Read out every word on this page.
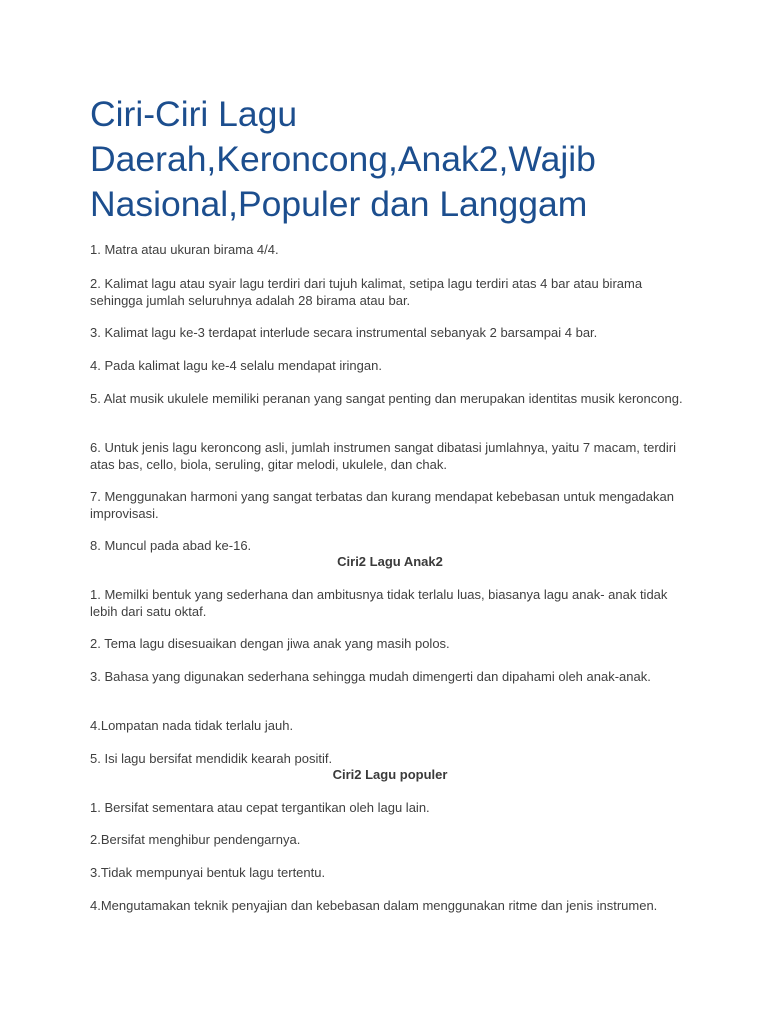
Ciri-Ciri Lagu Daerah,Keroncong,Anak2,Wajib Nasional,Populer dan Langgam

1. Matra atau ukuran birama 4/4.

2. Kalimat lagu atau syair lagu terdiri dari tujuh kalimat, setipa lagu terdiri atas 4 bar atau birama sehingga jumlah seluruhnya adalah 28 birama atau bar.

3. Kalimat lagu ke-3 terdapat interlude secara instrumental sebanyak 2 barsampai 4 bar.

4. Pada kalimat lagu ke-4 selalu mendapat iringan.

5. Alat musik ukulele memiliki peranan yang sangat penting dan merupakan identitas musik keroncong.

6. Untuk jenis lagu keroncong asli, jumlah instrumen sangat dibatasi jumlahnya, yaitu 7 macam, terdiri atas bas, cello, biola, seruling, gitar melodi, ukulele, dan chak.

7. Menggunakan harmoni yang sangat terbatas dan kurang mendapat kebebasan untuk mengadakan improvisasi.

8. Muncul pada abad ke-16.

Ciri2 Lagu Anak2

1. Memilki bentuk yang sederhana dan ambitusnya tidak terlalu luas, biasanya lagu anak- anak tidak lebih dari satu oktaf.

2. Tema lagu disesuaikan dengan jiwa anak yang masih polos.

3. Bahasa yang digunakan sederhana sehingga mudah dimengerti dan dipahami oleh anak-anak.

4.Lompatan nada tidak terlalu jauh.

5. Isi lagu bersifat mendidik kearah positif.

Ciri2 Lagu populer

1. Bersifat sementara atau cepat tergantikan oleh lagu lain.

2.Bersifat menghibur pendengarnya.

3.Tidak mempunyai bentuk lagu tertentu.

4.Mengutamakan teknik penyajian dan kebebasan dalam menggunakan ritme dan jenis instrumen.
